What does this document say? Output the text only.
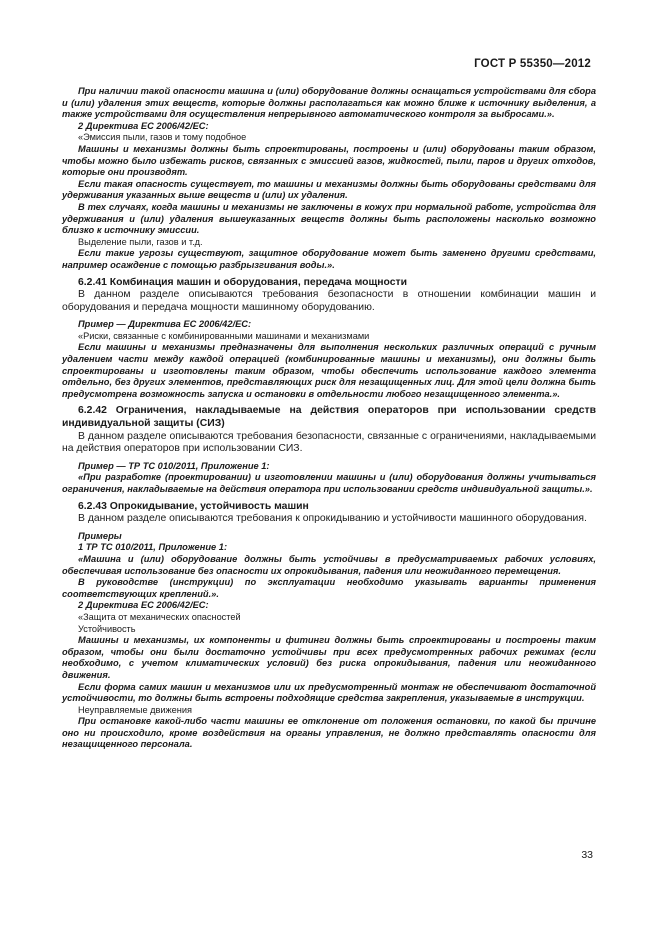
ГОСТ Р 55350—2012

При наличии такой опасности машина и (или) оборудование должны оснащаться устройствами для сбора и (или) удаления этих веществ, которые должны располагаться как можно ближе к источнику выделения, а также устройствами для осуществления непрерывного автоматического контроля за выбросами.».

2 Директива ЕС 2006/42/ЕС:

«Эмиссия пыли, газов и тому подобное

Машины и механизмы должны быть спроектированы, построены и (или) оборудованы таким образом, чтобы можно было избежать рисков, связанных с эмиссией газов, жидкостей, пыли, паров и других отходов, которые они производят.

Если такая опасность существует, то машины и механизмы должны быть оборудованы средствами для удерживания указанных выше веществ и (или) их удаления.

В тех случаях, когда машины и механизмы не заключены в кожух при нормальной работе, устройства для удерживания и (или) удаления вышеуказанных веществ должны быть расположены насколько возможно близко к источнику эмиссии.

Выделение пыли, газов и т.д.

Если такие угрозы существуют, защитное оборудование может быть заменено другими средствами, например осаждение с помощью разбрызгивания воды.».

6.2.41 Комбинация машин и оборудования, передача мощности

В данном разделе описываются требования безопасности в отношении комбинации машин и оборудования и передача мощности машинному оборудованию.

Пример — Директива ЕС 2006/42/ЕС:

«Риски, связанные с комбинированными машинами и механизмами

Если машины и механизмы предназначены для выполнения нескольких различных операций с ручным удалением части между каждой операцией (комбинированные машины и механизмы), они должны быть спроектированы и изготовлены таким образом, чтобы обеспечить использование каждого элемента отдельно, без других элементов, представляющих риск для незащищенных лиц. Для этой цели должна быть предусмотрена возможность запуска и остановки в отдельности любого незащищенного элемента.».

6.2.42 Ограничения, накладываемые на действия операторов при использовании средств индивидуальной защиты (СИЗ)

В данном разделе описываются требования безопасности, связанные с ограничениями, накладываемыми на действия операторов при использовании СИЗ.

Пример — ТР ТС 010/2011, Приложение 1:

«При разработке (проектировании) и изготовлении машины и (или) оборудования должны учитываться ограничения, накладываемые на действия оператора при использовании средств индивидуальной защиты.».

6.2.43 Опрокидывание, устойчивость машин

В данном разделе описываются требования к опрокидыванию и устойчивости машинного оборудования.

Примеры

1 ТР ТС 010/2011, Приложение 1:

«Машина и (или) оборудование должны быть устойчивы в предусматриваемых рабочих условиях, обеспечивая использование без опасности их опрокидывания, падения или неожиданного перемещения.

В руководстве (инструкции) по эксплуатации необходимо указывать варианты применения соответствующих креплений.».

2 Директива ЕС 2006/42/ЕС:

«Защита от механических опасностей

Устойчивость

Машины и механизмы, их компоненты и фитинги должны быть спроектированы и построены таким образом, чтобы они были достаточно устойчивы при всех предусмотренных рабочих режимах (если необходимо, с учетом климатических условий) без риска опрокидывания, падения или неожиданного движения.

Если форма самих машин и механизмов или их предусмотренный монтаж не обеспечивают достаточной устойчивости, то должны быть встроены подходящие средства закрепления, указываемые в инструкции.

Неуправляемые движения

При остановке какой-либо части машины ее отклонение от положения остановки, по какой бы причине оно ни происходило, кроме воздействия на органы управления, не должно представлять опасности для незащищенного персонала.

33
